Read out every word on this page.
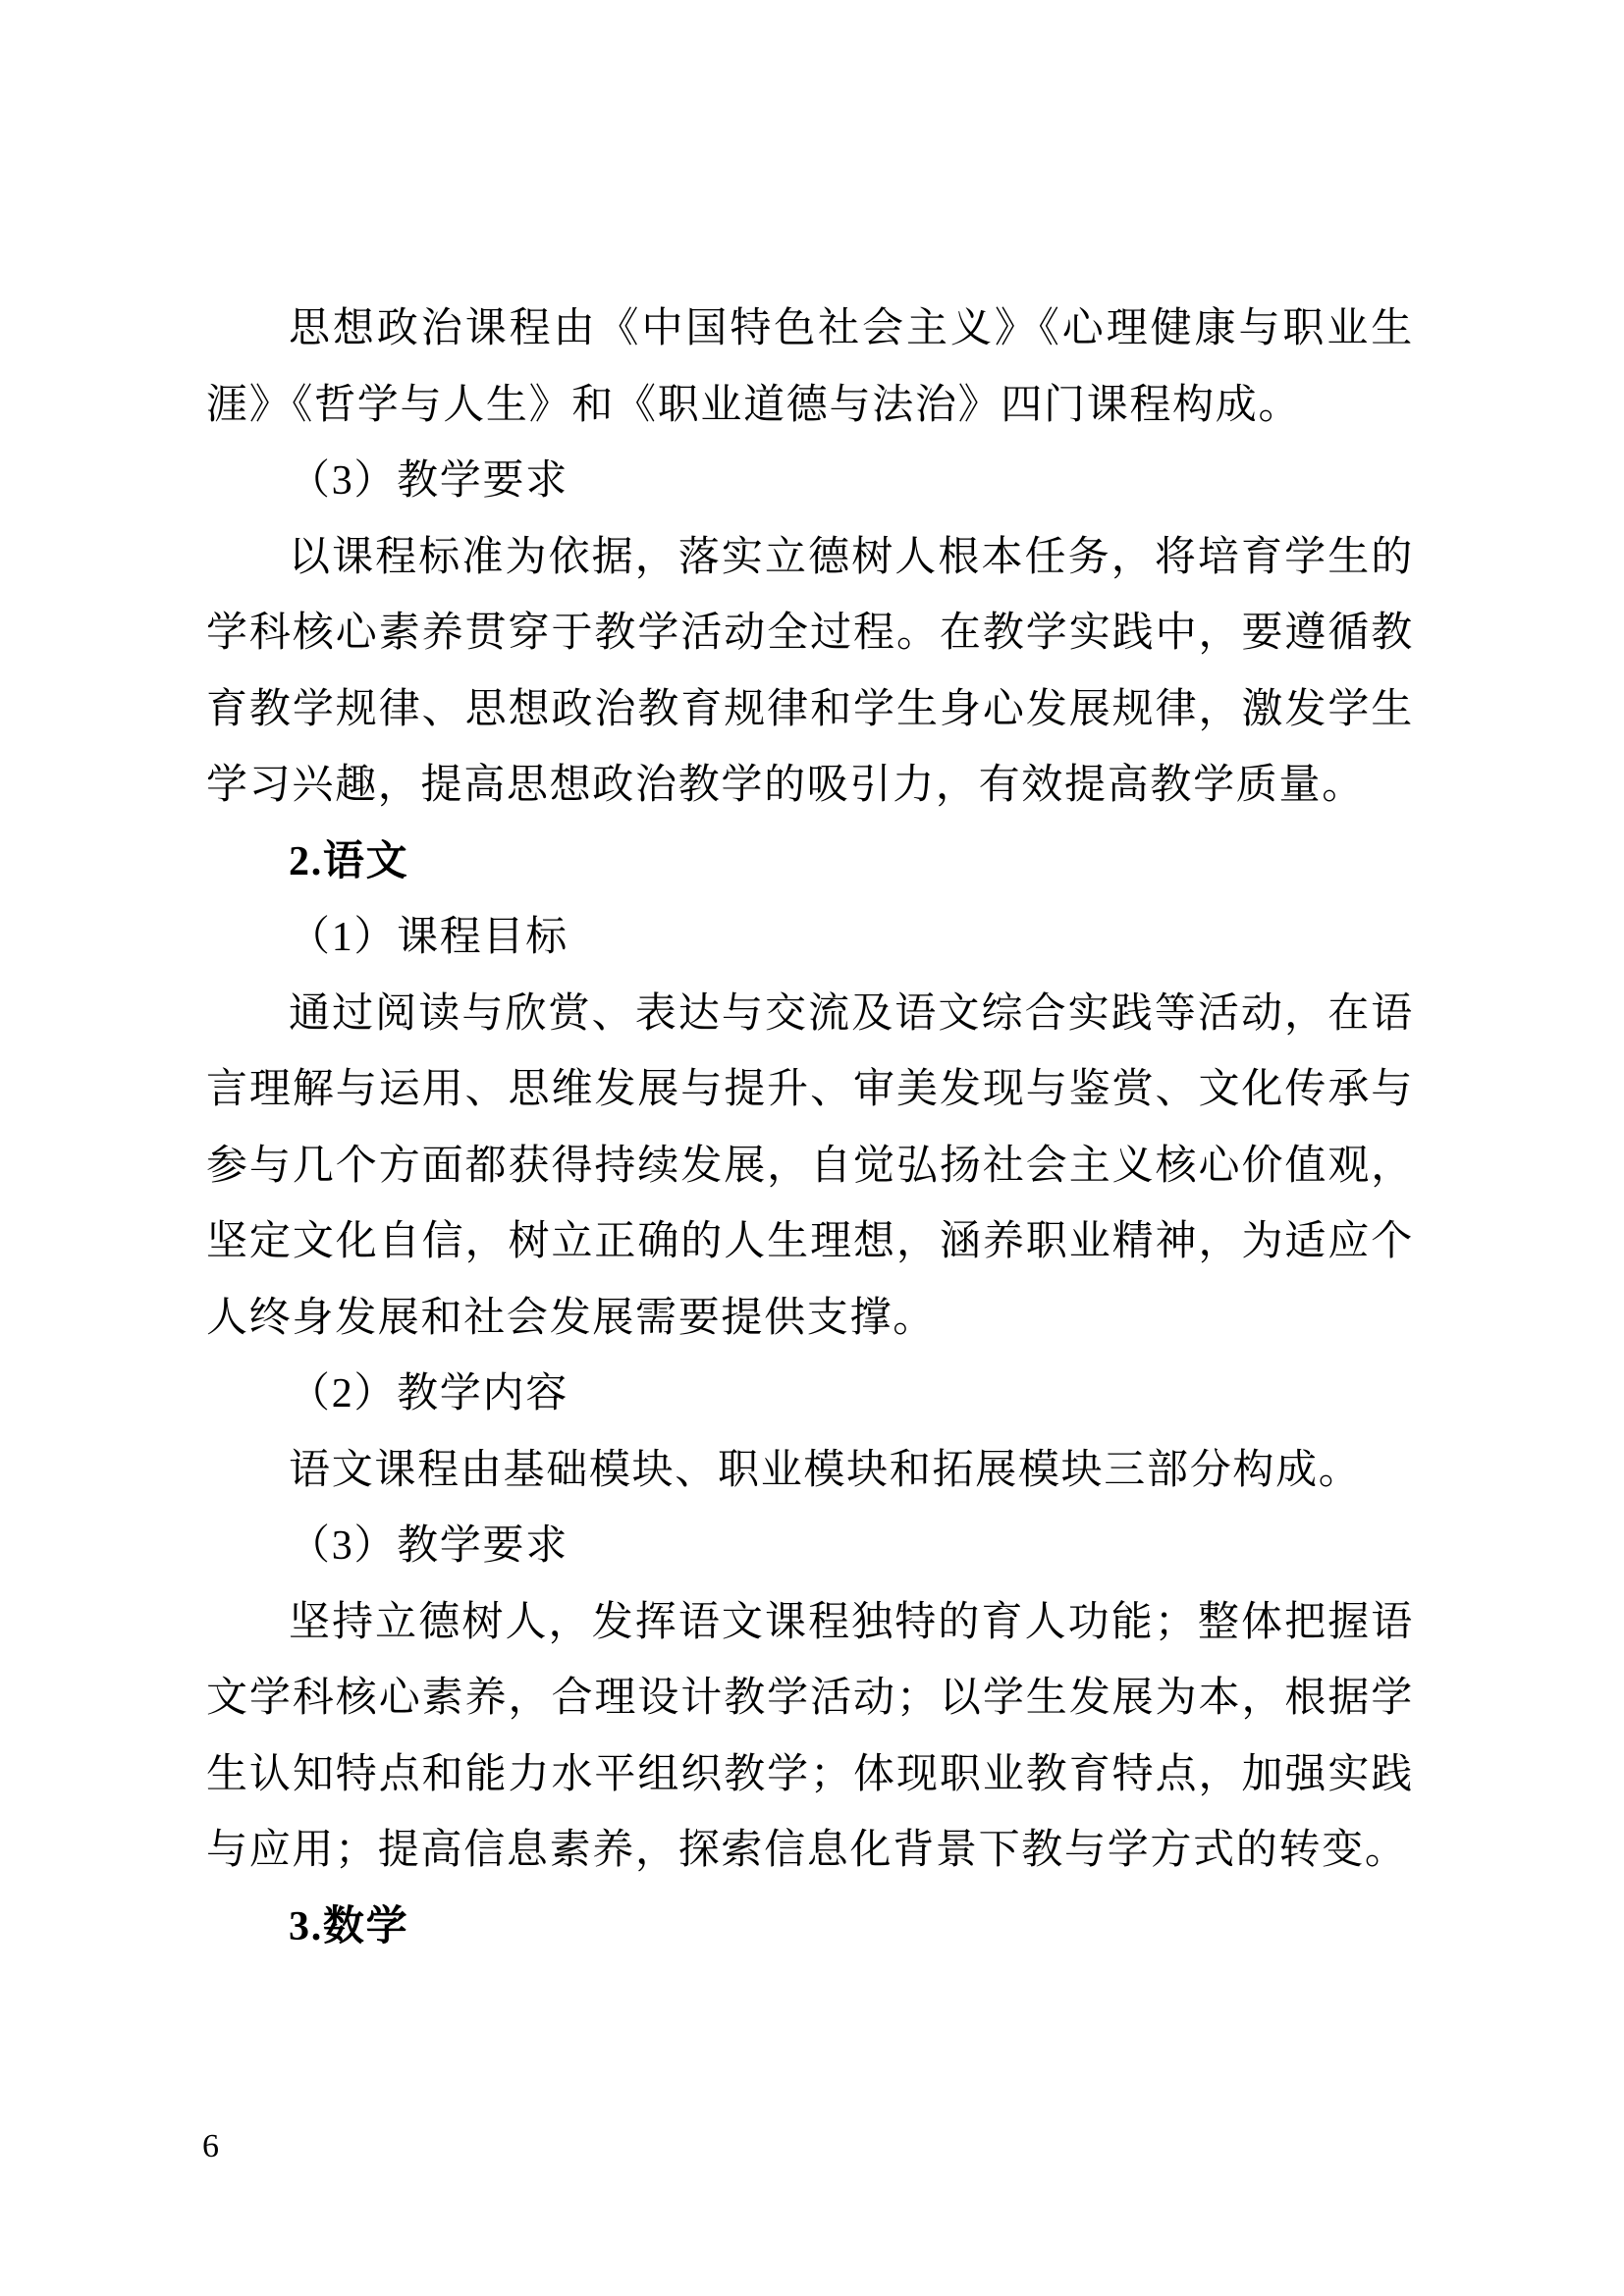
思想政治课程由《中国特色社会主义》《心理健康与职业生涯》《哲学与人生》和《职业道德与法治》四门课程构成。

（3）教学要求

以课程标准为依据，落实立德树人根本任务，将培育学生的学科核心素养贯穿于教学活动全过程。在教学实践中，要遵循教育教学规律、思想政治教育规律和学生身心发展规律，激发学生学习兴趣，提高思想政治教学的吸引力，有效提高教学质量。

2.语文

（1）课程目标

通过阅读与欣赏、表达与交流及语文综合实践等活动，在语言理解与运用、思维发展与提升、审美发现与鉴赏、文化传承与参与几个方面都获得持续发展，自觉弘扬社会主义核心价值观，坚定文化自信，树立正确的人生理想，涵养职业精神，为适应个人终身发展和社会发展需要提供支撑。

（2）教学内容

语文课程由基础模块、职业模块和拓展模块三部分构成。

（3）教学要求

坚持立德树人，发挥语文课程独特的育人功能；整体把握语文学科核心素养，合理设计教学活动；以学生发展为本，根据学生认知特点和能力水平组织教学；体现职业教育特点，加强实践与应用；提高信息素养，探索信息化背景下教与学方式的转变。

3.数学

6
